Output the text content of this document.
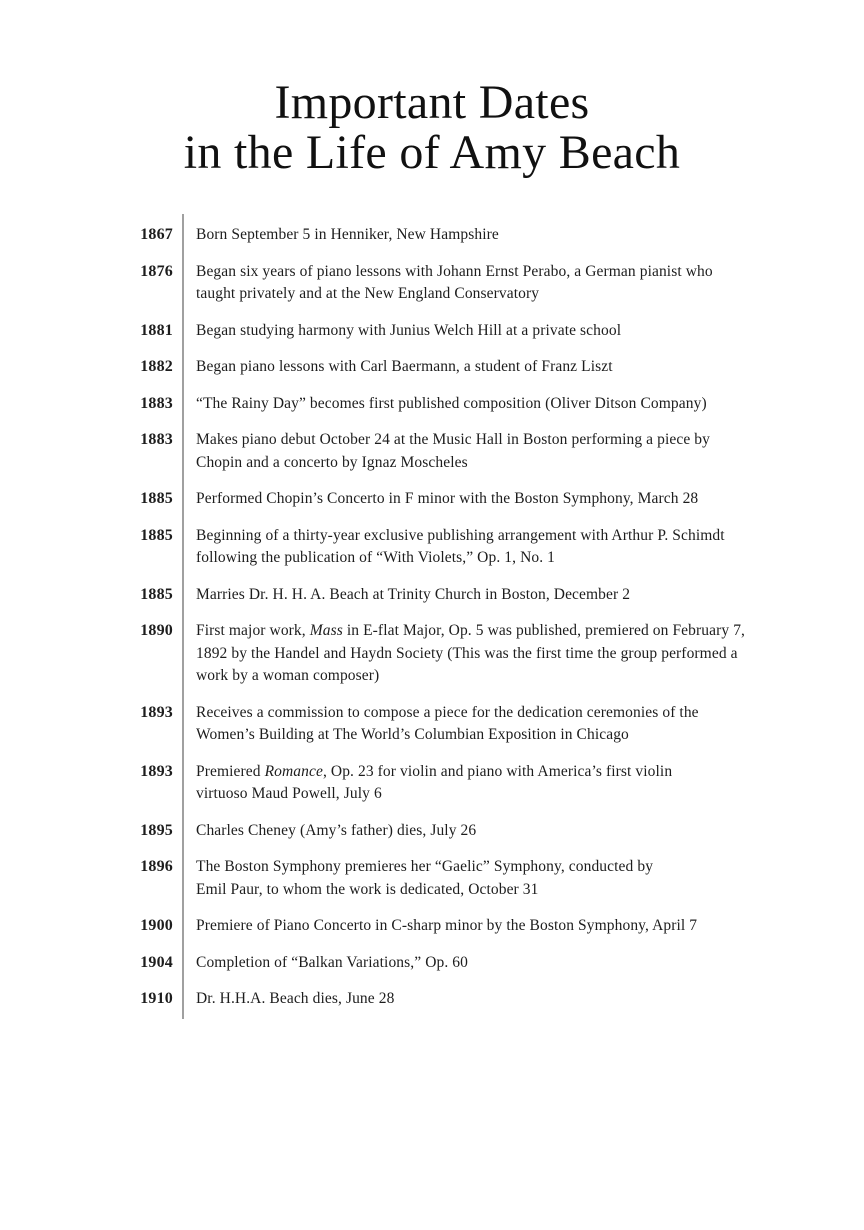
Important Dates
in the Life of Amy Beach
1867 Born September 5 in Henniker, New Hampshire
1876 Began six years of piano lessons with Johann Ernst Perabo, a German pianist who
taught privately and at the New England Conservatory
1881 Began studying harmony with Junius Welch Hill at a private school
1882 Began piano lessons with Carl Baermann, a student of Franz Liszt
1883 “The Rainy Day” becomes first published composition (Oliver Ditson Company)
1883 Makes piano debut October 24 at the Music Hall in Boston performing a piece by
Chopin and a concerto by Ignaz Moscheles
1885 Performed Chopin’s Concerto in F minor with the Boston Symphony, March 28
1885 Beginning of a thirty-year exclusive publishing arrangement with Arthur P. Schimdt
following the publication of “With Violets,” Op. 1, No. 1
1885 Marries Dr. H. H. A. Beach at Trinity Church in Boston, December 2
1890 First major work, Mass in E-flat Major, Op. 5 was published, premiered on February 7,
1892 by the Handel and Haydn Society (This was the first time the group performed a
work by a woman composer)
1893 Receives a commission to compose a piece for the dedication ceremonies of the
Women’s Building at The World’s Columbian Exposition in Chicago
1893 Premiered Romance, Op. 23 for violin and piano with America’s first violin
virtuoso Maud Powell, July 6
1895 Charles Cheney (Amy’s father) dies, July 26
1896 The Boston Symphony premieres her “Gaelic” Symphony, conducted by
Emil Paur, to whom the work is dedicated, October 31
1900 Premiere of Piano Concerto in C-sharp minor by the Boston Symphony, April 7
1904 Completion of “Balkan Variations,” Op. 60
1910 Dr. H.H.A. Beach dies, June 28
